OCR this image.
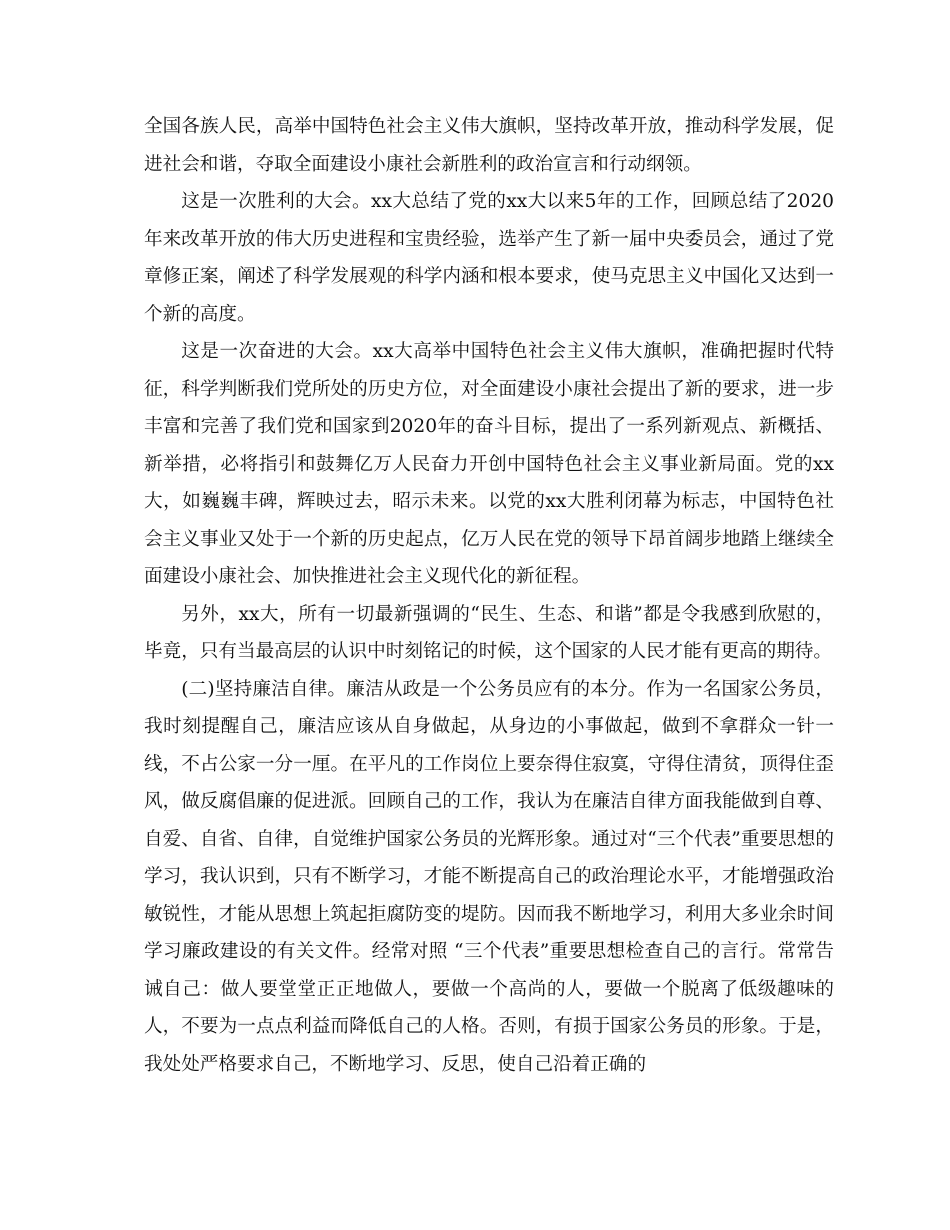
全国各族人民，高举中国特色社会主义伟大旗帜，坚持改革开放，推动科学发展，促进社会和谐，夺取全面建设小康社会新胜利的政治宣言和行动纲领。

这是一次胜利的大会。xx大总结了党的xx大以来5年的工作，回顾总结了2020年来改革开放的伟大历史进程和宝贵经验，选举产生了新一届中央委员会，通过了党章修正案，阐述了科学发展观的科学内涵和根本要求，使马克思主义中国化又达到一个新的高度。

这是一次奋进的大会。xx大高举中国特色社会主义伟大旗帜，准确把握时代特征，科学判断我们党所处的历史方位，对全面建设小康社会提出了新的要求，进一步丰富和完善了我们党和国家到2020年的奋斗目标，提出了一系列新观点、新概括、新举措，必将指引和鼓舞亿万人民奋力开创中国特色社会主义事业新局面。党的xx大，如巍巍丰碑，辉映过去，昭示未来。以党的xx大胜利闭幕为标志，中国特色社会主义事业又处于一个新的历史起点，亿万人民在党的领导下昂首阔步地踏上继续全面建设小康社会、加快推进社会主义现代化的新征程。

另外，xx大，所有一切最新强调的“民生、生态、和谐”都是令我感到欣慰的，毕竟，只有当最高层的认识中时刻铭记的时候，这个国家的人民才能有更高的期待。

(二)坚持廉洁自律。廉洁从政是一个公务员应有的本分。作为一名国家公务员，我时刻提醒自己，廉洁应该从自身做起，从身边的小事做起，做到不拿群众一针一线，不占公家一分一厘。在平凡的工作岗位上要奈得住寂寞，守得住清贫，顶得住歪风，做反腐倡廉的促进派。回顾自己的工作，我认为在廉洁自律方面我能做到自尊、自爱、自省、自律，自觉维护国家公务员的光辉形象。通过对“三个代表”重要思想的学习，我认识到，只有不断学习，才能不断提高自己的政治理论水平，才能增强政治敏锐性，才能从思想上筑起拒腐防变的堤防。因而我不断地学习，利用大多业余时间学习廉政建设的有关文件。经常对照 “三个代表”重要思想检查自己的言行。常常告诫自己：做人要堂堂正正地做人，要做一个高尚的人，要做一个脱离了低级趣味的人，不要为一点点利益而降低自己的人格。否则，有损于国家公务员的形象。于是，我处处严格要求自己，不断地学习、反思，使自己沿着正确的
